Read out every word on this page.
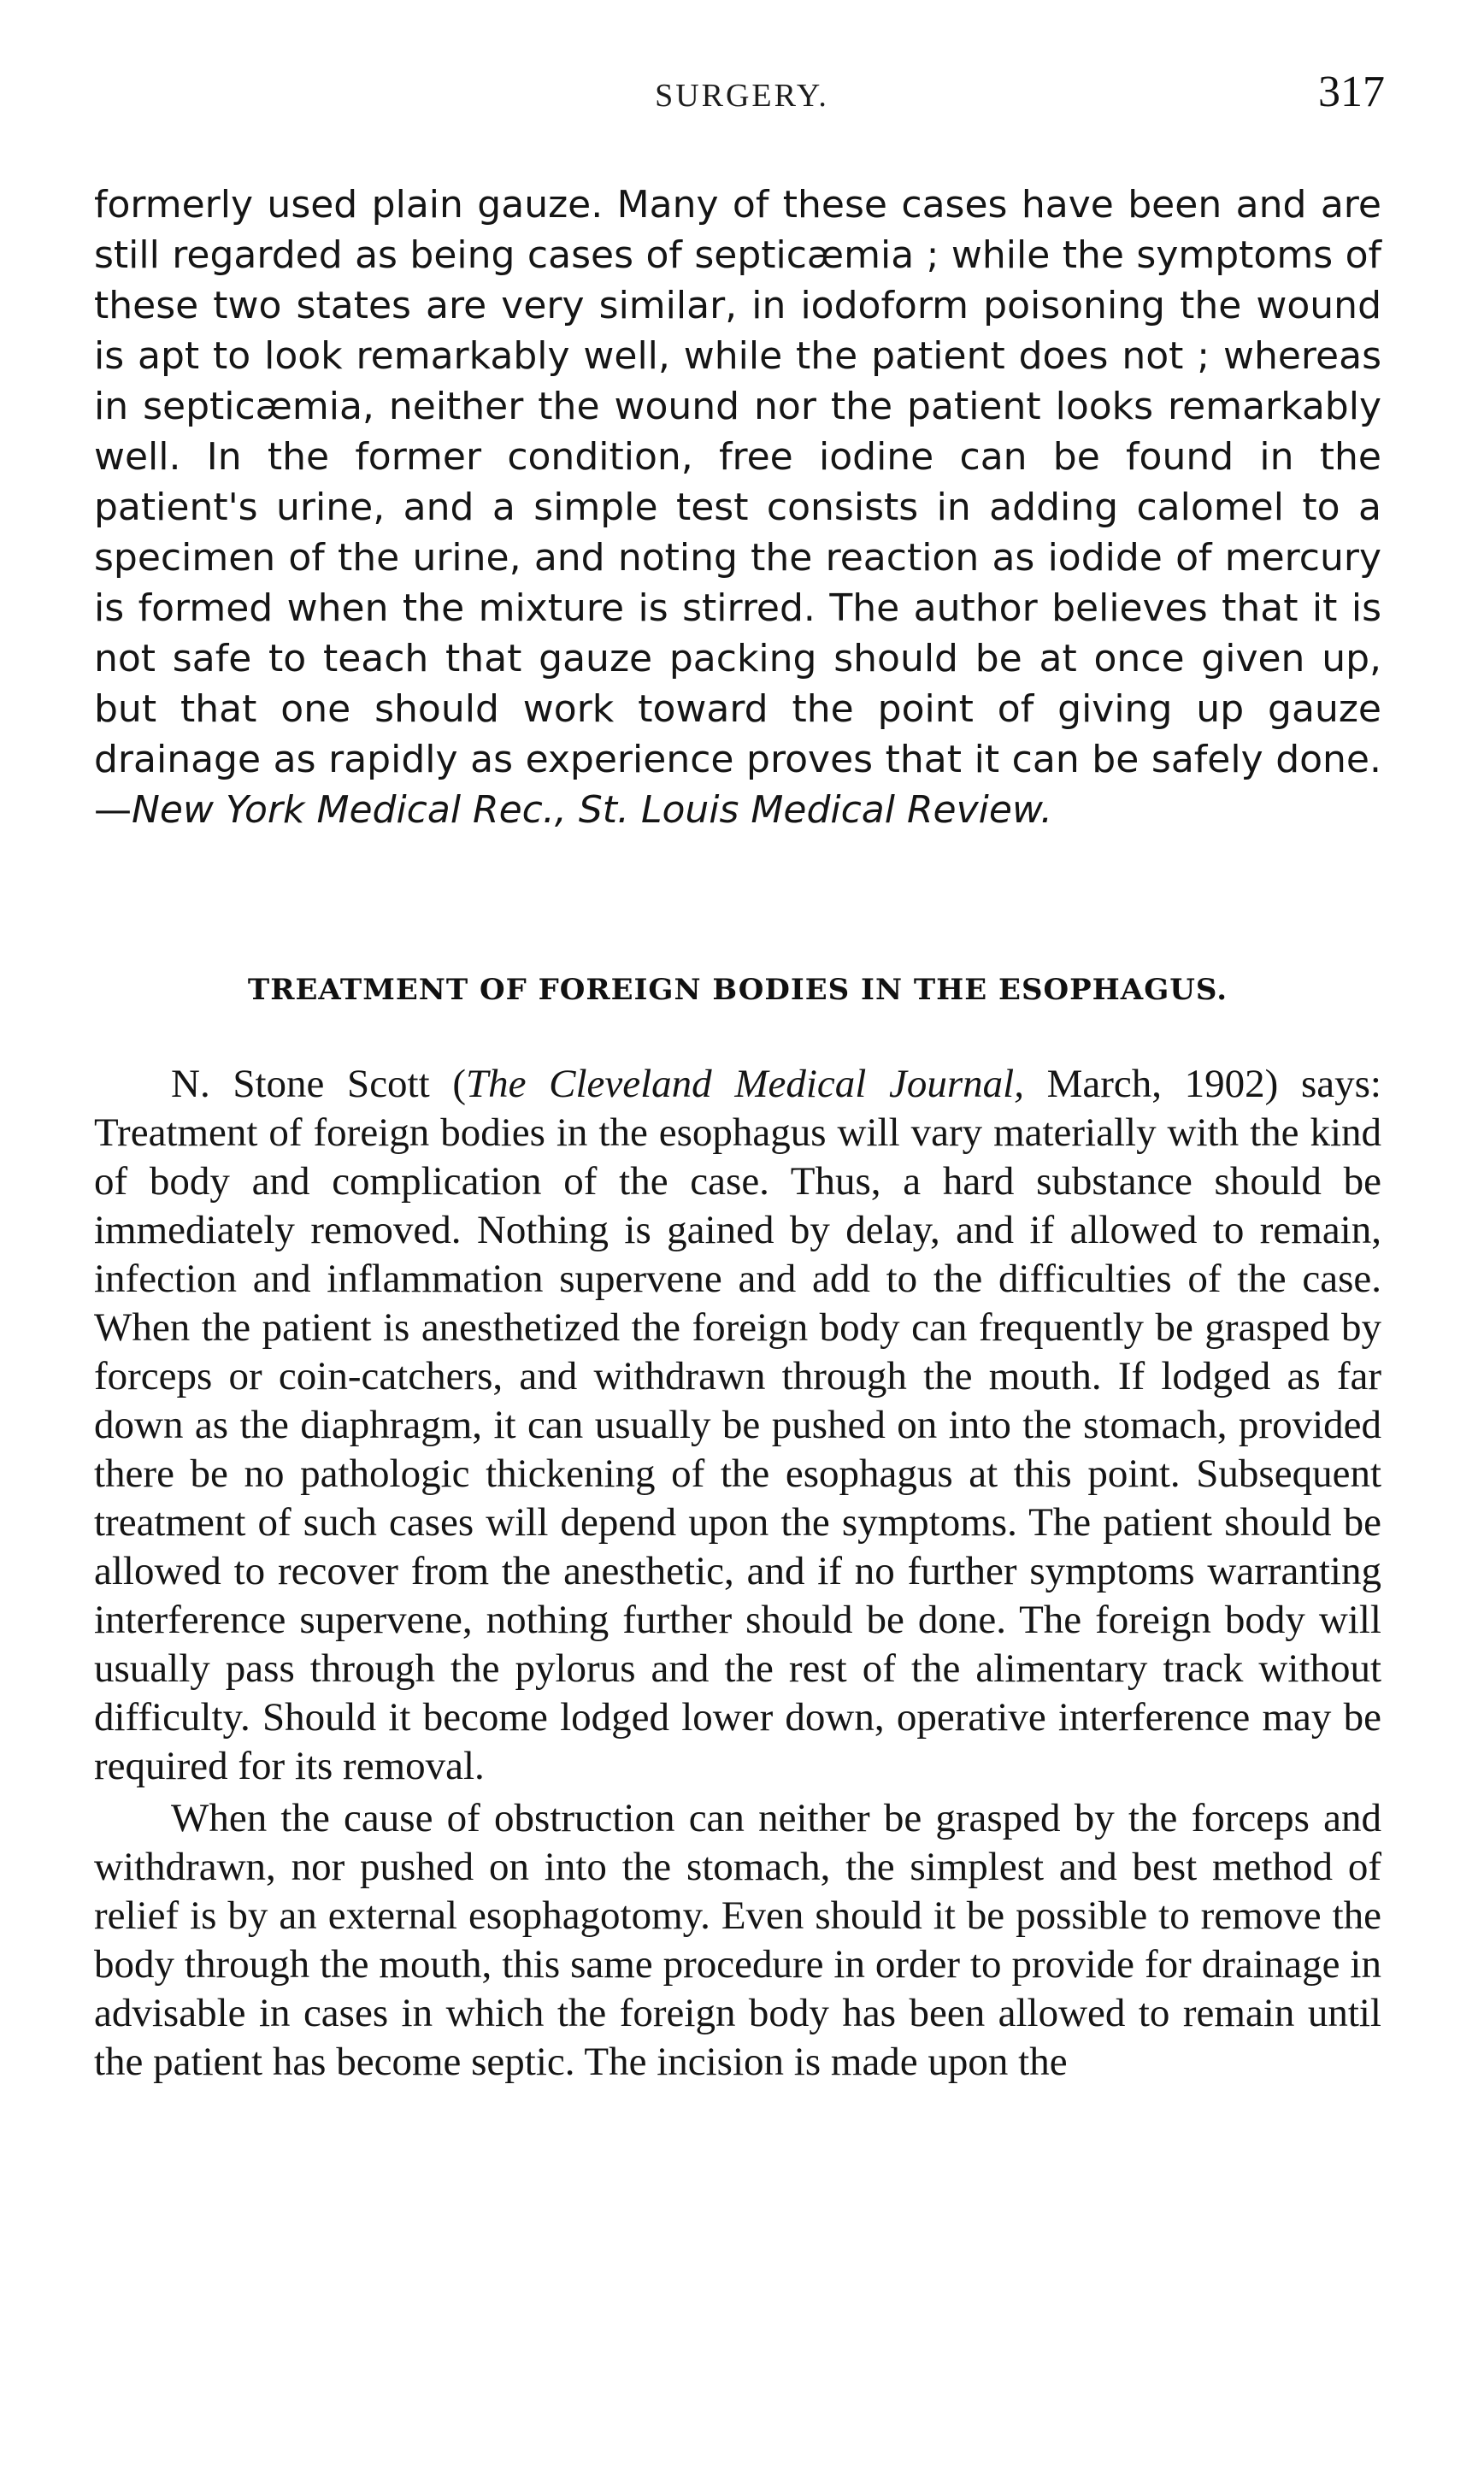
SURGERY.	317
formerly used plain gauze. Many of these cases have been and are still regarded as being cases of septicæmia ; while the symptoms of these two states are very similar, in iodoform poisoning the wound is apt to look remarkably well, while the patient does not ; whereas in septicæmia, neither the wound nor the patient looks remarkably well. In the former condition, free iodine can be found in the patient's urine, and a simple test consists in adding calomel to a specimen of the urine, and noting the reaction as iodide of mercury is formed when the mixture is stirred. The author believes that it is not safe to teach that gauze packing should be at once given up, but that one should work toward the point of giving up gauze drainage as rapidly as experience proves that it can be safely done.—New York Medical Rec., St. Louis Medical Review.
TREATMENT OF FOREIGN BODIES IN THE ESOPHAGUS.
N. Stone Scott (The Cleveland Medical Journal, March, 1902) says: Treatment of foreign bodies in the esophagus will vary materially with the kind of body and complication of the case. Thus, a hard substance should be immediately removed. Nothing is gained by delay, and if allowed to remain, infection and inflammation supervene and add to the difficulties of the case. When the patient is anesthetized the foreign body can frequently be grasped by forceps or coin-catchers, and withdrawn through the mouth. If lodged as far down as the diaphragm, it can usually be pushed on into the stomach, provided there be no pathologic thickening of the esophagus at this point. Subsequent treatment of such cases will depend upon the symptoms. The patient should be allowed to recover from the anesthetic, and if no further symptoms warranting interference supervene, nothing further should be done. The foreign body will usually pass through the pylorus and the rest of the alimentary track without difficulty. Should it become lodged lower down, operative interference may be required for its removal.
When the cause of obstruction can neither be grasped by the forceps and withdrawn, nor pushed on into the stomach, the simplest and best method of relief is by an external esophagotomy. Even should it be possible to remove the body through the mouth, this same procedure in order to provide for drainage in advisable in cases in which the foreign body has been allowed to remain until the patient has become septic. The incision is made upon the
